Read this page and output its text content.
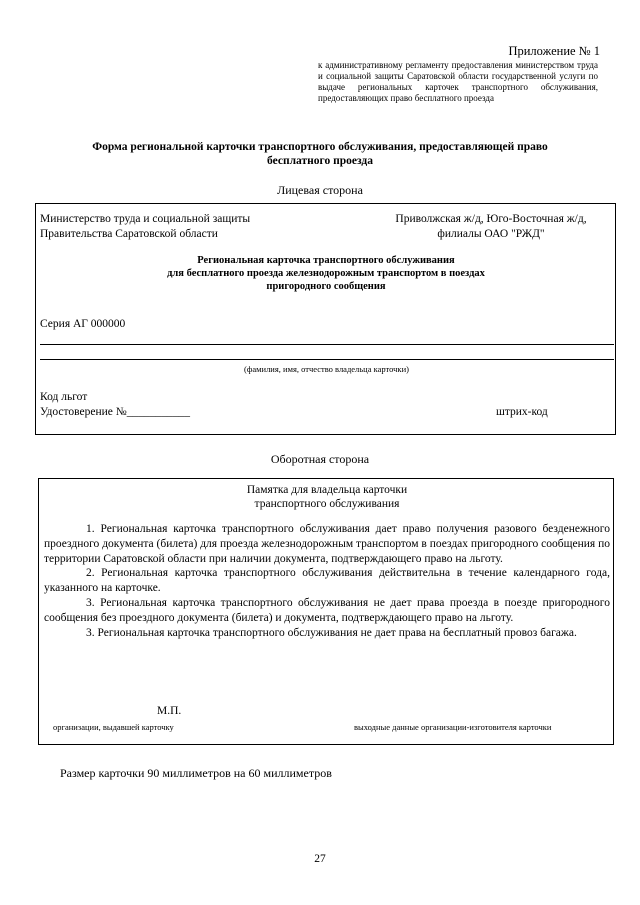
Приложение № 1
к административному регламенту предоставления министерством труда и социальной защиты Саратовской области государственной услуги по выдаче региональных карточек транспортного обслуживания, предоставляющих право бесплатного проезда
Форма региональной карточки транспортного обслуживания, предоставляющей право
бесплатного проезда
Лицевая сторона
Министерство труда и социальной защиты
Правительства Саратовской области
Приволжская ж/д, Юго-Восточная ж/д,
филиалы ОАО "РЖД"
Региональная карточка транспортного обслуживания
для бесплатного проезда железнодорожным транспортом в поездах
пригородного сообщения
Серия АГ 000000
(фамилия, имя, отчество владельца карточки)
Код льгот
Удостоверение №___________	штрих-код
Оборотная сторона
Памятка для владельца карточки
транспортного обслуживания

1. Региональная карточка транспортного обслуживания дает право получения разового безденежного проездного документа (билета) для проезда железнодорожным транспортом в поездах пригородного сообщения по территории Саратовской области при наличии документа, подтверждающего право на льготу.

2. Региональная карточка транспортного обслуживания действительна в течение календарного года, указанного на карточке.

3. Региональная карточка транспортного обслуживания не дает права проезда в поезде пригородного сообщения без проездного документа (билета) и документа, подтверждающего право на льготу.

3. Региональная карточка транспортного обслуживания не дает права на бесплатный провоз багажа.

М.П.
организации, выдавшей карточку	выходные данные организации-изготовителя карточки
Размер карточки 90 миллиметров на 60 миллиметров
27
